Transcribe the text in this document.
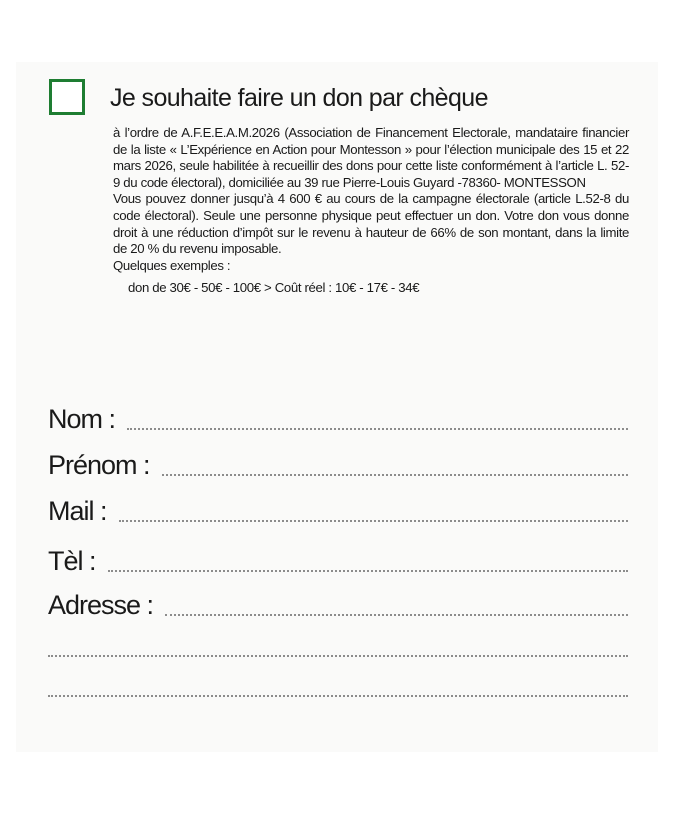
Je souhaite faire un don par chèque

à l’ordre de A.F.E.E.A.M.2026 (Association de Financement Electorale, mandataire financier de la liste « L’Expérience en Action pour Montesson » pour l’élection municipale des 15 et 22 mars 2026, seule habilitée à recueillir des dons pour cette liste conformément à l’article L. 52-9 du code électoral), domiciliée au 39 rue Pierre-Louis Guyard -78360- MONTESSON

Vous pouvez donner jusqu’à 4 600 € au cours de la campagne électorale (article L.52-8 du code électoral). Seule une personne physique peut effectuer un don. Votre don vous donne droit à une réduction d’impôt sur le revenu à hauteur de 66% de son montant, dans la limite de 20 % du revenu imposable.

Quelques exemples :

don de 30€ - 50€ - 100€ > Coût réel : 10€ - 17€ - 34€

Nom :
Prénom :
Mail :
Tèl :
Adresse :
